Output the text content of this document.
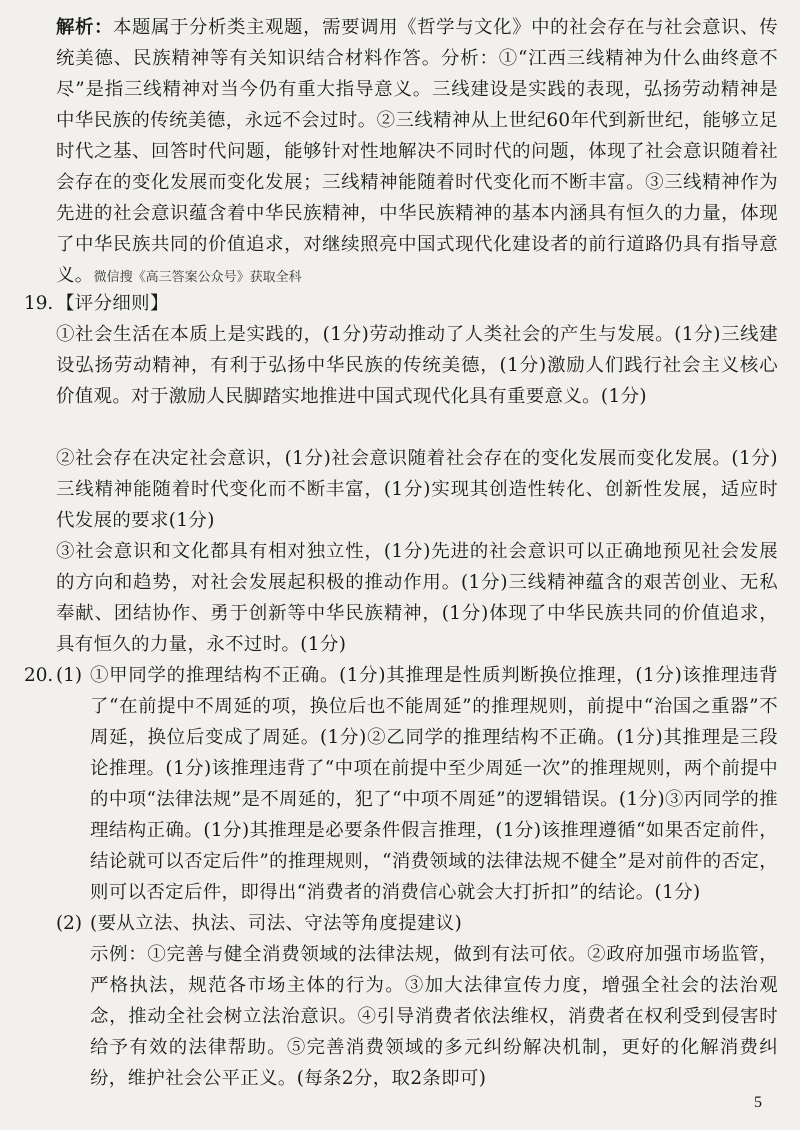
解析：本题属于分析类主观题，需要调用《哲学与文化》中的社会存在与社会意识、传统美德、民族精神等有关知识结合材料作答。分析：①“江西三线精神为什么曲终意不尽”是指三线精神对当今仍有重大指导意义。三线建设是实践的表现，弘扬劳动精神是中华民族的传统美德，永远不会过时。②三线精神从上世纪60年代到新世纪，能够立足时代之基、回答时代问题，能够针对性地解决不同时代的问题，体现了社会意识随着社会存在的变化发展而变化发展；三线精神能随着时代变化而不断丰富。③三线精神作为先进的社会意识蕴含着中华民族精神，中华民族精神的基本内涵具有恒久的力量，体现了中华民族共同的价值追求，对继续照亮中国式现代化建设者的前行道路仍具有指导意义。微信搜《高三答案公众号》获取全科

19. 【评分细则】

①社会生活在本质上是实践的，(1分)劳动推动了人类社会的产生与发展。(1分)三线建设弘扬劳动精神，有利于弘扬中华民族的传统美德，(1分)激励人们践行社会主义核心价值观。对于激励人民脚踏实地推进中国式现代化具有重要意义。(1分)

②社会存在决定社会意识，(1分)社会意识随着社会存在的变化发展而变化发展。(1分)三线精神能随着时代变化而不断丰富，(1分)实现其创造性转化、创新性发展，适应时代发展的要求(1分)

③社会意识和文化都具有相对独立性，(1分)先进的社会意识可以正确地预见社会发展的方向和趋势，对社会发展起积极的推动作用。(1分)三线精神蕴含的艰苦创业、无私奉献、团结协作、勇于创新等中华民族精神，(1分)体现了中华民族共同的价值追求，具有恒久的力量，永不过时。(1分)

20. (1) ①甲同学的推理结构不正确。(1分)其推理是性质判断换位推理，(1分)该推理违背了“在前提中不周延的项，换位后也不能周延”的推理规则，前提中“治国之重器”不周延，换位后变成了周延。(1分)②乙同学的推理结构不正确。(1分)其推理是三段论推理。(1分)该推理违背了“中项在前提中至少周延一次”的推理规则，两个前提中的中项“法律法规”是不周延的，犯了“中项不周延”的逻辑错误。(1分)③丙同学的推理结构正确。(1分)其推理是必要条件假言推理，(1分)该推理遵循“如果否定前件，结论就可以否定后件”的推理规则，“消费领域的法律法规不健全”是对前件的否定，则可以否定后件，即得出“消费者的消费信心就会大打折扣”的结论。(1分)

(2) (要从立法、执法、司法、守法等角度提建议)

示例：①完善与健全消费领域的法律法规，做到有法可依。②政府加强市场监管，严格执法，规范各市场主体的行为。③加大法律宣传力度，增强全社会的法治观念，推动全社会树立法治意识。④引导消费者依法维权，消费者在权利受到侵害时给予有效的法律帮助。⑤完善消费领域的多元纠纷解决机制，更好的化解消费纠纷，维护社会公平正义。(每条2分，取2条即可)

5
